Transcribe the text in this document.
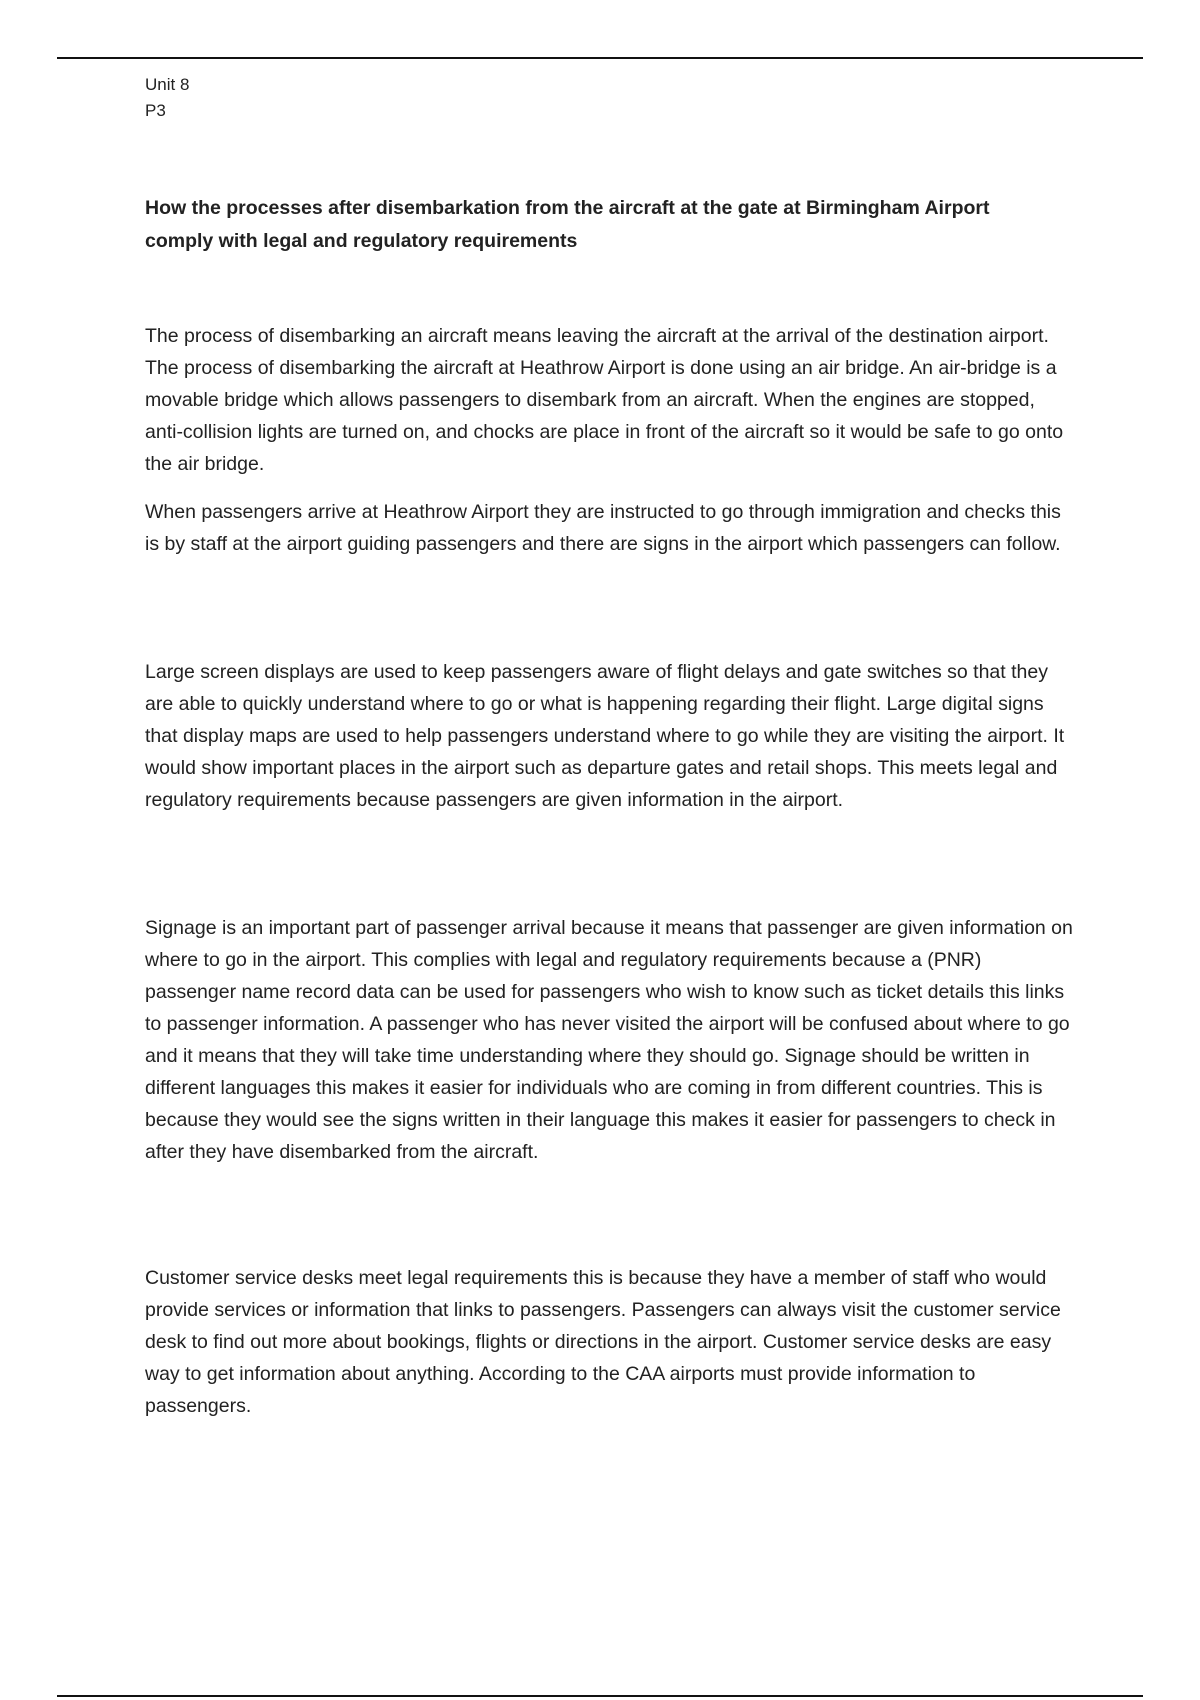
Unit 8

P3

How the processes after disembarkation from the aircraft at the gate at Birmingham Airport comply with legal and regulatory requirements

The process of disembarking an aircraft means leaving the aircraft at the arrival of the destination airport. The process of disembarking the aircraft at Heathrow Airport is done using an air bridge. An air-bridge is a movable bridge which allows passengers to disembark from an aircraft. When the engines are stopped, anti-collision lights are turned on, and chocks are place in front of the aircraft so it would be safe to go onto the air bridge.

When passengers arrive at Heathrow Airport they are instructed to go through immigration and checks this is by staff at the airport guiding passengers and there are signs in the airport which passengers can follow.

Large screen displays are used to keep passengers aware of flight delays and gate switches so that they are able to quickly understand where to go or what is happening regarding their flight. Large digital signs that display maps are used to help passengers understand where to go while they are visiting the airport. It would show important places in the airport such as departure gates and retail shops. This meets legal and regulatory requirements because passengers are given information in the airport.

Signage is an important part of passenger arrival because it means that passenger are given information on where to go in the airport. This complies with legal and regulatory requirements because a (PNR) passenger name record data can be used for passengers who wish to know such as ticket details this links to passenger information. A passenger who has never visited the airport will be confused about where to go and it means that they will take time understanding where they should go. Signage should be written in different languages this makes it easier for individuals who are coming in from different countries. This is because they would see the signs written in their language this makes it easier for passengers to check in after they have disembarked from the aircraft.

Customer service desks meet legal requirements this is because they have a member of staff who would provide services or information that links to passengers. Passengers can always visit the customer service desk to find out more about bookings, flights or directions in the airport. Customer service desks are easy way to get information about anything. According to the CAA airports must provide information to passengers.
